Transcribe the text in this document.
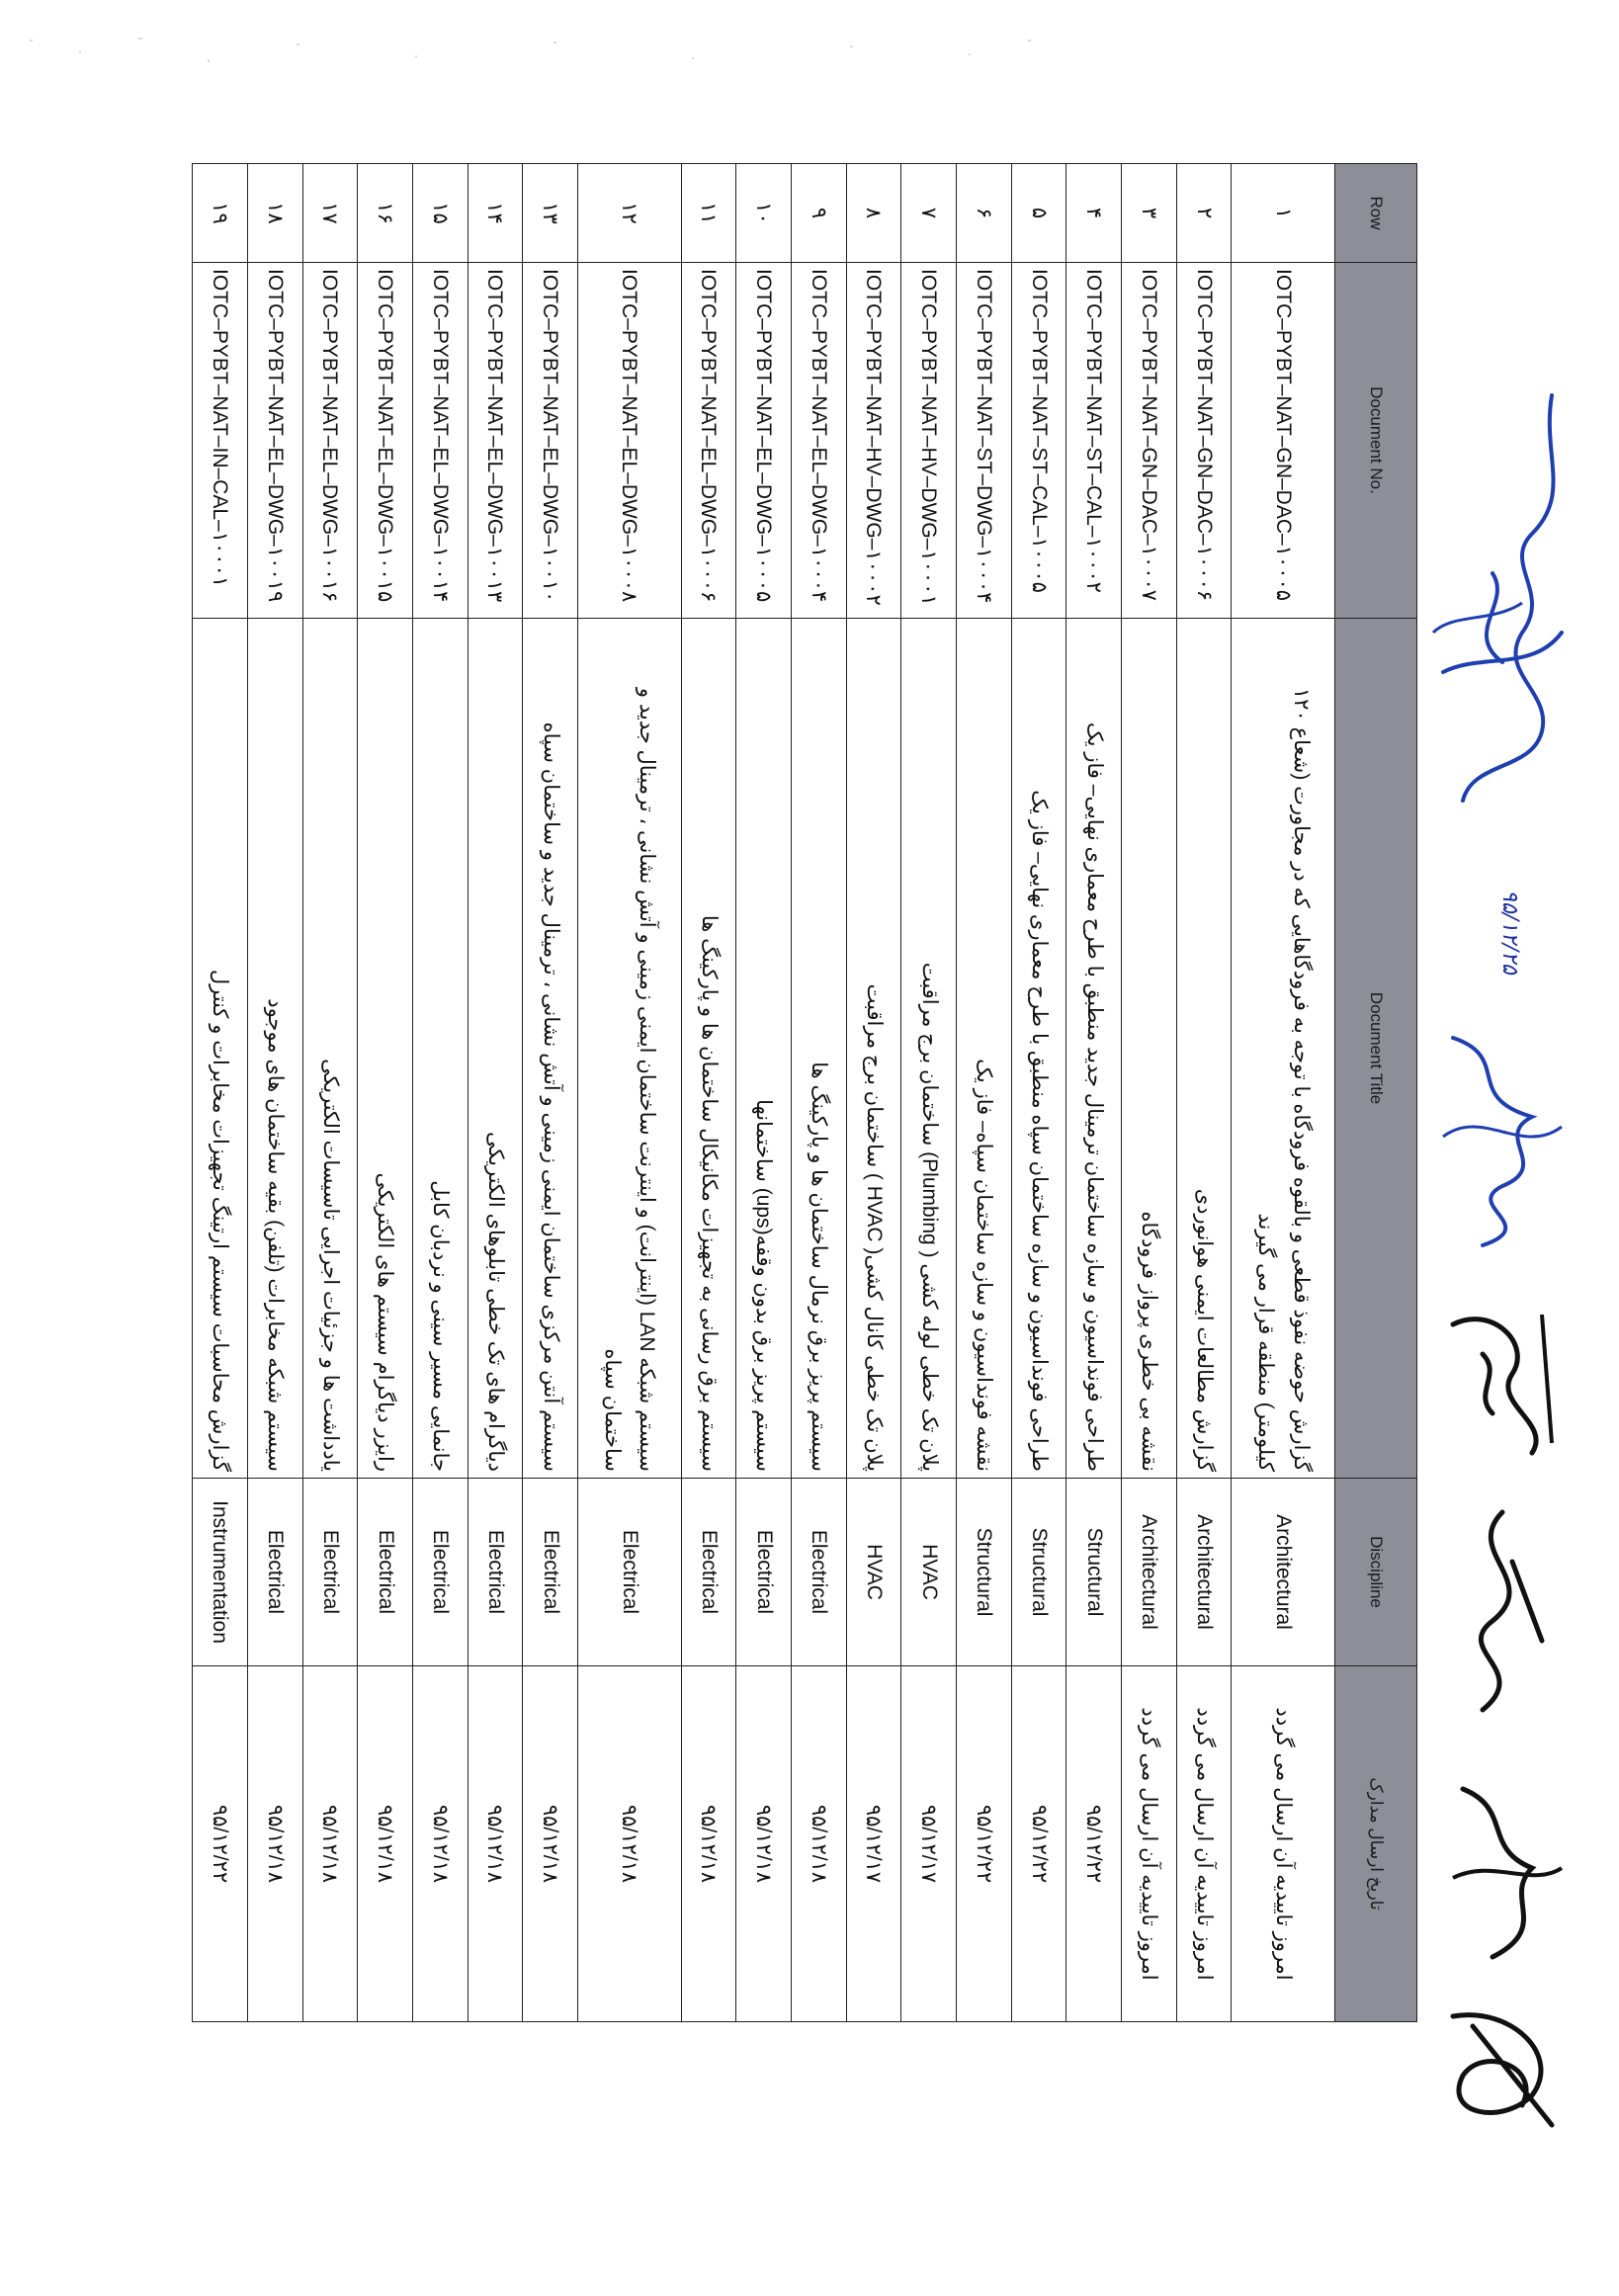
Row	Document No.	Document Title	Discipline	تاریخ ارسال مدارک
۱	IOTC–PYBT–NAT–GN–DAC–۱۰۰۰۵	گزارش حوضه نفوذ قطعی و بالقوه فرودگاه با توجه به فرودگاهایی که در مجاورت (شعاع ۱۲۰ کیلومتر) منطقه قرار می گیرند	Architectural	امروز تاییدیه آن ارسال می گردد
۲	IOTC–PYBT–NAT–GN–DAC–۱۰۰۰۶	گزارش مطالعات ایمنی هوانوردی	Architectural	امروز تاییدیه آن ارسال می گردد
۳	IOTC–PYBT–NAT–GN–DAC–۱۰۰۰۷	نقشه بی خطری پرواز فرودگاه	Architectural	امروز تاییدیه آن ارسال می گردد
۴	IOTC–PYBT–NAT–ST–CAL–۱۰۰۰۲	طراحی فونداسیون و سازه ساختمان ترمینال جدید منطبق با طرح معماری نهایی– فاز یک	Structural	۹۵/۱۲/۲۲
۵	IOTC–PYBT–NAT–ST–CAL–۱۰۰۰۵	طراحی فونداسیون و سازه ساختمان سپاه منطبق با طرح معماری نهایی– فاز یک	Structural	۹۵/۱۲/۲۲
۶	IOTC–PYBT–NAT–ST–DWG–۱۰۰۰۴	نقشه فونداسیون و سازه ساختمان سپاه– فاز یک	Structural	۹۵/۱۲/۲۲
۷	IOTC–PYBT–NAT–HV–DWG–۱۰۰۰۱	پلان تک خطی لوله کشی ( Plumbing) ساختمان برج مراقبت	HVAC	۹۵/۱۲/۱۷
۸	IOTC–PYBT–NAT–HV–DWG–۱۰۰۰۲	پلان تک خطی کانال کشی( HVAC ) ساختمان برج مراقبت	HVAC	۹۵/۱۲/۱۷
۹	IOTC–PYBT–NAT–EL–DWG–۱۰۰۰۴	سیستم پریز برق نرمال ساختمان ها و پارکینگ ها	Electrical	۹۵/۱۲/۱۸
۱۰	IOTC–PYBT–NAT–EL–DWG–۱۰۰۰۵	سیستم پریز برق بدون وقفه(ups) ساختمانها	Electrical	۹۵/۱۲/۱۸
۱۱	IOTC–PYBT–NAT–EL–DWG–۱۰۰۰۶	سیستم برق رسانی به تجهیزات مکانیکال ساختمان ها و پارکینگ ها	Electrical	۹۵/۱۲/۱۸
۱۲	IOTC–PYBT–NAT–EL–DWG–۱۰۰۰۸	سیستم شبکه LAN (اینترانت) و اینترنت ساختمان ایمنی زمینی و آتش نشانی ، ترمینال جدید و ساختمان سپاه	Electrical	۹۵/۱۲/۱۸
۱۳	IOTC–PYBT–NAT–EL–DWG–۱۰۰۱۰	سیستم آنتن مرکزی ساختمان ایمنی زمینی و آتش نشانی ، ترمینال جدید و ساختمان سپاه	Electrical	۹۵/۱۲/۱۸
۱۴	IOTC–PYBT–NAT–EL–DWG–۱۰۰۱۳	دیاگرام های تک خطی تابلوهای الکتریکی	Electrical	۹۵/۱۲/۱۸
۱۵	IOTC–PYBT–NAT–EL–DWG–۱۰۰۱۴	جانمایی مسیر سینی و نردبان کابل	Electrical	۹۵/۱۲/۱۸
۱۶	IOTC–PYBT–NAT–EL–DWG–۱۰۰۱۵	رایزر دیاگرام سیستم های الکتریکی	Electrical	۹۵/۱۲/۱۸
۱۷	IOTC–PYBT–NAT–EL–DWG–۱۰۰۱۶	یادداشت ها و جزئیات اجرایی تاسیسات الکتریکی	Electrical	۹۵/۱۲/۱۸
۱۸	IOTC–PYBT–NAT–EL–DWG–۱۰۰۱۹	سیستم شبکه مخابرات (تلفن) بقیه ساختمان های موجود	Electrical	۹۵/۱۲/۱۸
۱۹	IOTC–PYBT–NAT–IN–CAL–۱۰۰۰۱	گزارش محاسبات سیستم ارتینگ تجهیزات مخابرات و کنترل	Instrumentation	۹۵/۱۲/۲۲
۹۵/۱۲/۲۵
